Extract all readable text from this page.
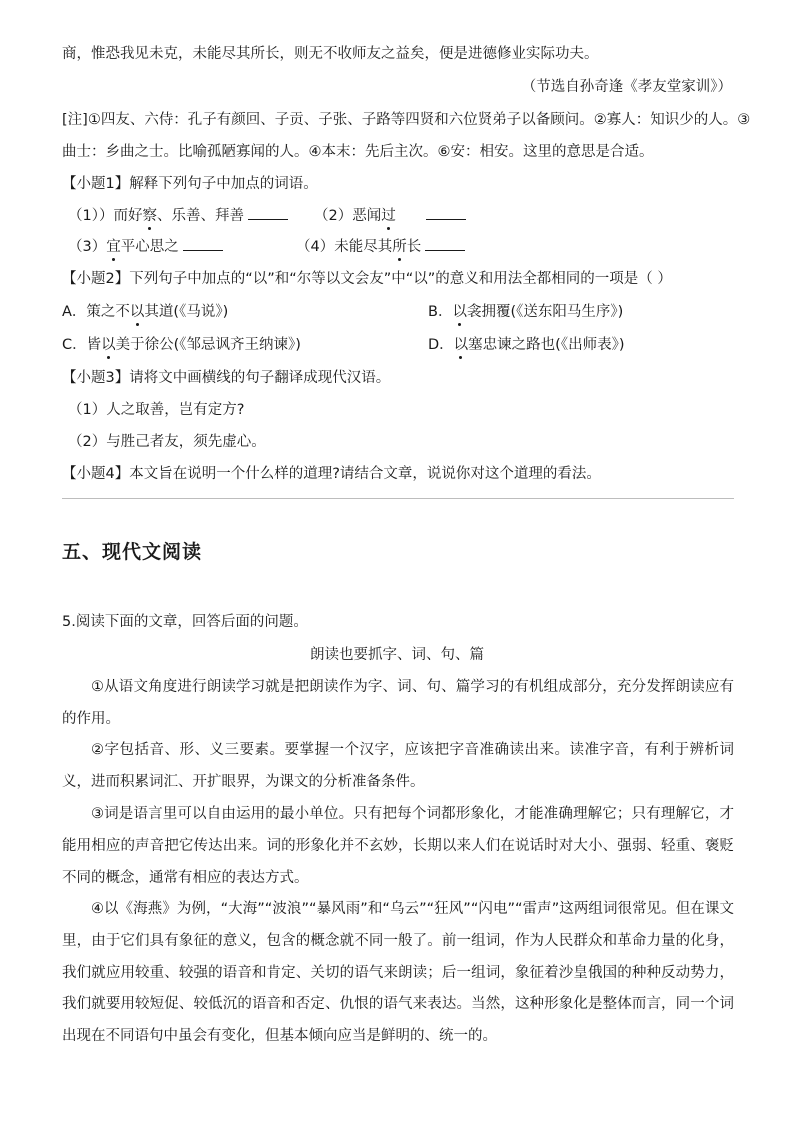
商，惟恐我见未克，未能尽其所长，则无不收师友之益矣，便是进德修业实际功夫。
（节选自孙奇逢《孝友堂家训》）
[注]①四友、六侍：孔子有颜回、子贡、子张、子路等四贤和六位贤弟子以备顾问。②寡人：知识少的人。③
曲士：乡曲之士。比喻孤陋寡闻的人。④本末：先后主次。⑥安：相安。这里的意思是合适。
【小题1】解释下列句子中加点的词语。
（1））而好察、乐善、拜善	（2）恶闻过
（3）宜平心思之	（4）未能尽其所长
【小题2】下列句子中加点的“以”和“尔等以文会友”中“以”的意义和用法全都相同的一项是（ ）
A．策之不以其道(《马说》)	B．以衾拥覆(《送东阳马生序》)
C．皆以美于徐公(《邹忌讽齐王纳谏》)	D．以塞忠谏之路也(《出师表》)
【小题3】请将文中画横线的句子翻译成现代汉语。
（1）人之取善，岂有定方?
（2）与胜己者友，须先虚心。
【小题4】本文旨在说明一个什么样的道理?请结合文章，说说你对这个道理的看法。
五、现代文阅读
5.阅读下面的文章，回答后面的问题。
朗读也要抓字、词、句、篇
①从语文角度进行朗读学习就是把朗读作为字、词、句、篇学习的有机组成部分，充分发挥朗读应有的作用。
②字包括音、形、义三要素。要掌握一个汉字，应该把字音准确读出来。读准字音，有利于辨析词义，进而积累词汇、开扩眼界，为课文的分析准备条件。
③词是语言里可以自由运用的最小单位。只有把每个词都形象化，才能准确理解它；只有理解它，才能用相应的声音把它传达出来。词的形象化并不玄妙，长期以来人们在说话时对大小、强弱、轻重、褒贬不同的概念，通常有相应的表达方式。
④以《海燕》为例，“大海”“波浪”“暴风雨”和“乌云”“狂风”“闪电”“雷声”这两组词很常见。但在课文里，由于它们具有象征的意义，包含的概念就不同一般了。前一组词，作为人民群众和革命力量的化身，我们就应用较重、较强的语音和肯定、关切的语气来朗读；后一组词，象征着沙皇俄国的种种反动势力，我们就要用较短促、较低沉的语音和否定、仇恨的语气来表达。当然，这种形象化是整体而言，同一个词出现在不同语句中虽会有变化，但基本倾向应当是鲜明的、统一的。
